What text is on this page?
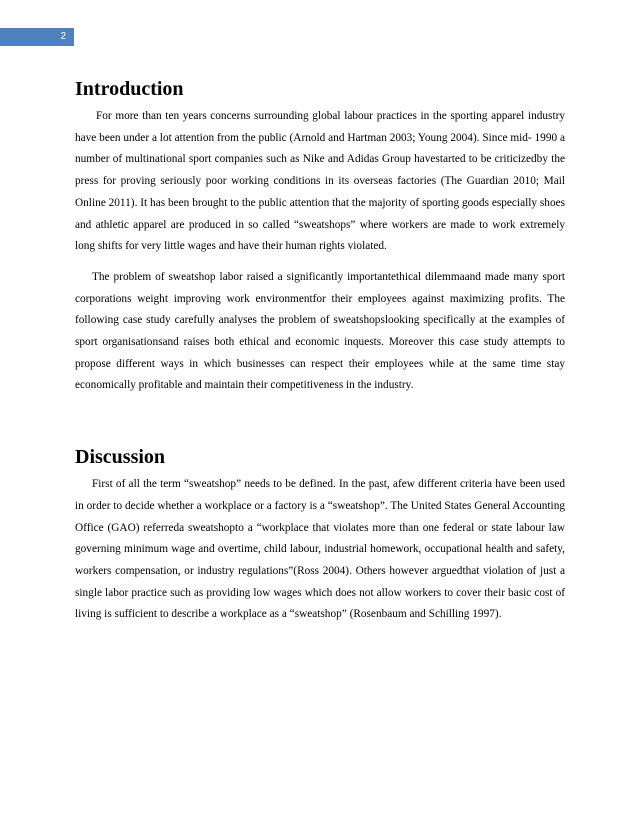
2
Introduction

For more than ten years concerns surrounding global labour practices in the sporting apparel industry have been under a lot attention from the public (Arnold and Hartman 2003; Young 2004). Since mid- 1990 a number of multinational sport companies such as Nike and Adidas Group havestarted to be criticizedby the press for proving seriously poor working conditions in its overseas factories (The Guardian 2010; Mail Online 2011). It has been brought to the public attention that the majority of sporting goods especially shoes and athletic apparel are produced in so called “sweatshops” where workers are made to work extremely long shifts for very little wages and have their human rights violated.

The problem of sweatshop labor raised a significantly importantethical dilemmaand made many sport corporations weight improving work environmentfor their employees against maximizing profits. The following case study carefully analyses the problem of sweatshopslooking specifically at the examples of sport organisationsand raises both ethical and economic inquests. Moreover this case study attempts to propose different ways in which businesses can respect their employees while at the same time stay economically profitable and maintain their competitiveness in the industry.

Discussion

First of all the term “sweatshop” needs to be defined. In the past, afew different criteria have been used in order to decide whether a workplace or a factory is a “sweatshop”. The United States General Accounting Office (GAO) referreda sweatshopto a “workplace that violates more than one federal or state labour law governing minimum wage and overtime, child labour, industrial homework, occupational health and safety, workers compensation, or industry regulations”(Ross 2004). Others however arguedthat violation of just a single labor practice such as providing low wages which does not allow workers to cover their basic cost of living is sufficient to describe a workplace as a “sweatshop” (Rosenbaum and Schilling 1997).
